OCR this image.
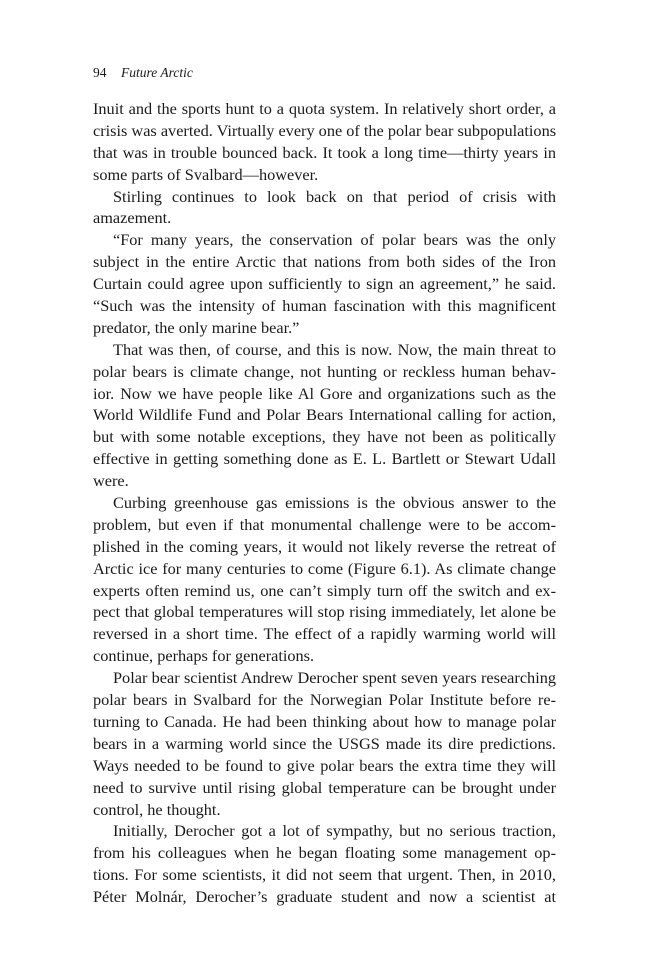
94 Future Arctic
Inuit and the sports hunt to a quota system. In relatively short order, a
crisis was averted. Virtually every one of the polar bear subpopulations
that was in trouble bounced back. It took a long time—thirty years in
some parts of Svalbard—however.
Stirling continues to look back on that period of crisis with
amazement.
“For many years, the conservation of polar bears was the only
subject in the entire Arctic that nations from both sides of the Iron
Curtain could agree upon sufficiently to sign an agreement,” he said.
“Such was the intensity of human fascination with this magnificent
predator, the only marine bear.”
That was then, of course, and this is now. Now, the main threat to
polar bears is climate change, not hunting or reckless human behav-
ior. Now we have people like Al Gore and organizations such as the
World Wildlife Fund and Polar Bears International calling for action,
but with some notable exceptions, they have not been as politically
effective in getting something done as E. L. Bartlett or Stewart Udall
were.
Curbing greenhouse gas emissions is the obvious answer to the
problem, but even if that monumental challenge were to be accom-
plished in the coming years, it would not likely reverse the retreat of
Arctic ice for many centuries to come (Figure 6.1). As climate change
experts often remind us, one can’t simply turn off the switch and ex-
pect that global temperatures will stop rising immediately, let alone be
reversed in a short time. The effect of a rapidly warming world will
continue, perhaps for generations.
Polar bear scientist Andrew Derocher spent seven years researching
polar bears in Svalbard for the Norwegian Polar Institute before re-
turning to Canada. He had been thinking about how to manage polar
bears in a warming world since the USGS made its dire predictions.
Ways needed to be found to give polar bears the extra time they will
need to survive until rising global temperature can be brought under
control, he thought.
Initially, Derocher got a lot of sympathy, but no serious traction,
from his colleagues when he began floating some management op-
tions. For some scientists, it did not seem that urgent. Then, in 2010,
Péter Molnár, Derocher’s graduate student and now a scientist at
